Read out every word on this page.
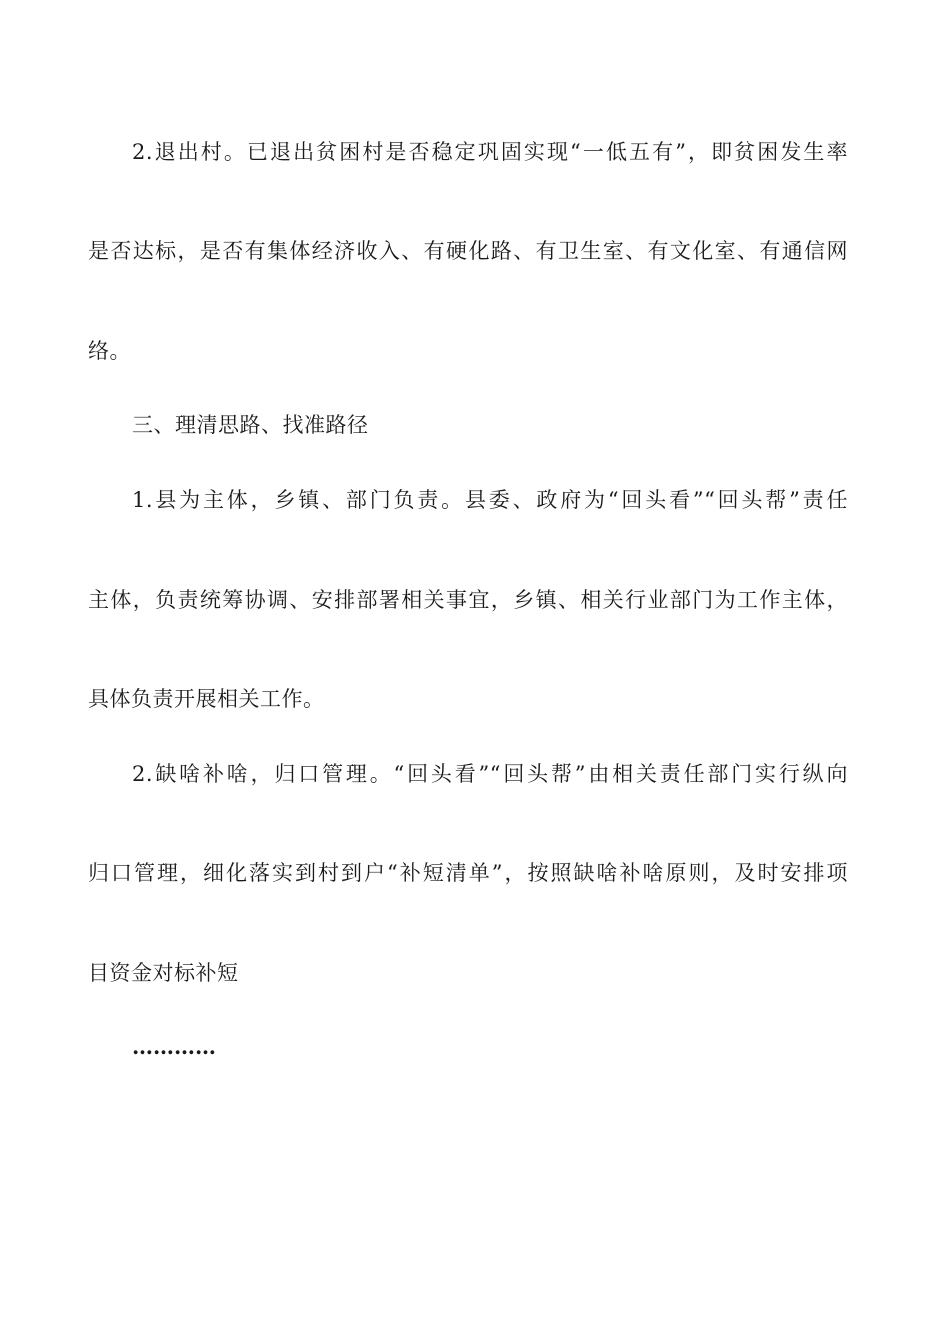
2.退出村。已退出贫困村是否稳定巩固实现“一低五有”，即贫困发生率
是否达标，是否有集体经济收入、有硬化路、有卫生室、有文化室、有通信网
络。
三、理清思路、找准路径
1.县为主体，乡镇、部门负责。县委、政府为“回头看”“回头帮”责任
主体，负责统筹协调、安排部署相关事宜，乡镇、相关行业部门为工作主体，
具体负责开展相关工作。
2.缺啥补啥，归口管理。“回头看”“回头帮”由相关责任部门实行纵向
归口管理，细化落实到村到户“补短清单”，按照缺啥补啥原则，及时安排项
目资金对标补短
…………
